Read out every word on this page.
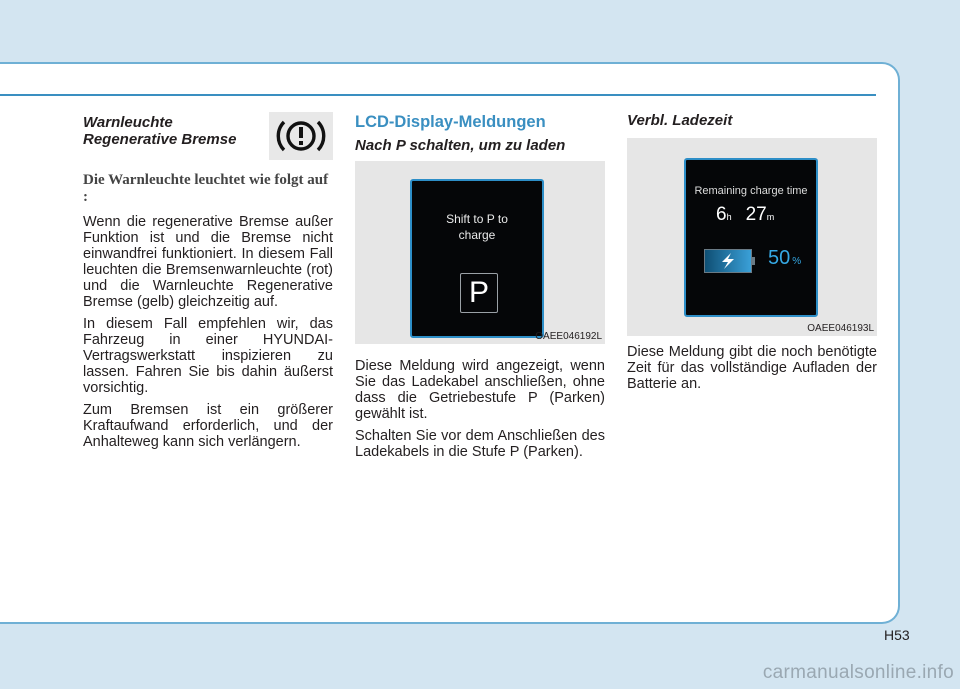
Warnleuchte
Regenerative Bremse
Die Warnleuchte leuchtet wie folgt auf :

Wenn die regenerative Bremse außer Funktion ist und die Bremse nicht einwandfrei funktioniert. In diesem Fall leuchten die Bremsenwarnleuchte (rot) und die Warnleuchte Regenerative Bremse (gelb) gleichzeitig auf.

In diesem Fall empfehlen wir, das Fahrzeug in einer HYUNDAI-Vertragswerkstatt inspizieren zu lassen. Fahren Sie bis dahin äußerst vorsichtig.

Zum Bremsen ist ein größerer Kraftaufwand erforderlich, und der Anhalteweg kann sich verlängern.

LCD-Display-Meldungen
Nach P schalten, um zu laden
Shift to P to
charge
P
OAEE046192L

Diese Meldung wird angezeigt, wenn Sie das Ladekabel anschließen, ohne dass die Getriebestufe P (Parken) gewählt ist.

Schalten Sie vor dem Anschließen des Ladekabels in die Stufe P (Parken).

Verbl. Ladezeit
Remaining charge time
6h 27m
50 %
OAEE046193L

Diese Meldung gibt die noch benötigte Zeit für das vollständige Aufladen der Batterie an.

H53
carmanualsonline.info
